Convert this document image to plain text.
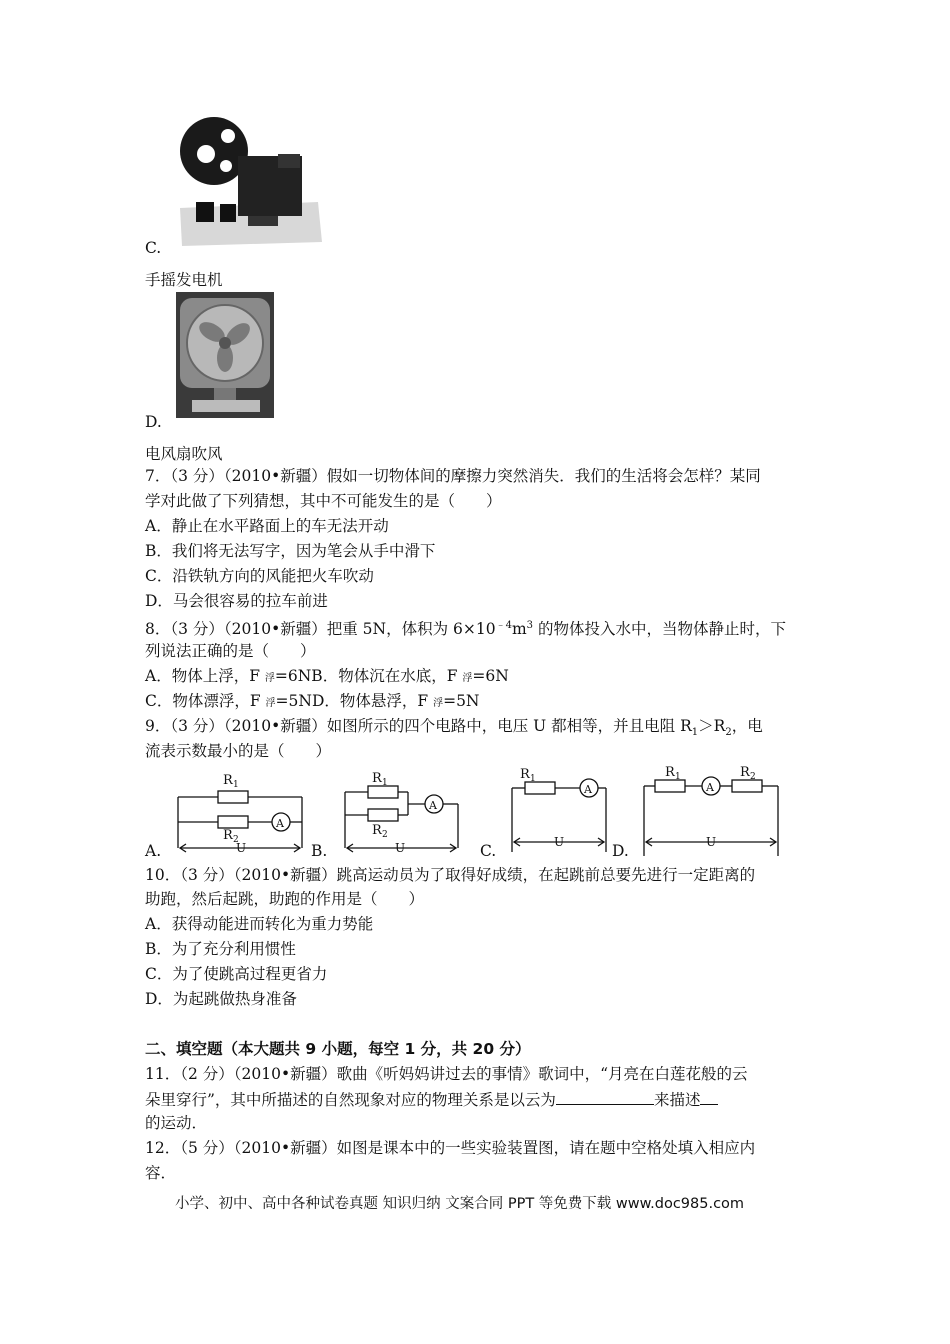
C.
手摇发电机
D.
电风扇吹风
7．（3 分）（2010•新疆）假如一切物体间的摩擦力突然消失．我们的生活将会怎样？某同
学对此做了下列猜想，其中不可能发生的是（　　）
A．静止在水平路面上的车无法开动
B．我们将无法写字，因为笔会从手中滑下
C．沿铁轨方向的风能把火车吹动
D．马会很容易的拉车前进
8．（3 分）（2010•新疆）把重 5N，体积为 $6\times 10^{﹣4}m^3$ 的物体投入水中，当物体静止时，下
列说法正确的是（　　）
A．物体上浮，F 浮=6NB．物体沉在水底，F 浮=6N
C．物体漂浮，F 浮=5ND．物体悬浮，F 浮=5N
9．（3 分）（2010•新疆）如图所示的四个电路中，电压 U 都相等，并且电阻 $R_1>R_2$，电
流表示数最小的是（　　）
R 1
A
R 2
U
R 1
A
R 2
U
R 1
A
U
R 1
A
R 2
U
A.	B.	C.	D.
10．（3 分）（2010•新疆）跳高运动员为了取得好成绩，在起跳前总要先进行一定距离的
助跑，然后起跳，助跑的作用是（　　）
A．获得动能进而转化为重力势能
B．为了充分利用惯性
C．为了使跳高过程更省力
D．为起跳做热身准备
二、填空题（本大题共 9 小题，每空 1 分，共 20 分）
11．（2 分）（2010•新疆）歌曲《听妈妈讲过去的事情》歌词中，“月亮在白莲花般的云
朵里穿行”，其中所描述的自然现象对应的物理关系是以云为	来描述
的运动．
12．（5 分）（2010•新疆）如图是课本中的一些实验装置图，请在题中空格处填入相应内
容．
小学、初中、高中各种试卷真题 知识归纳 文案合同 PPT 等免费下载 www.doc985.com
